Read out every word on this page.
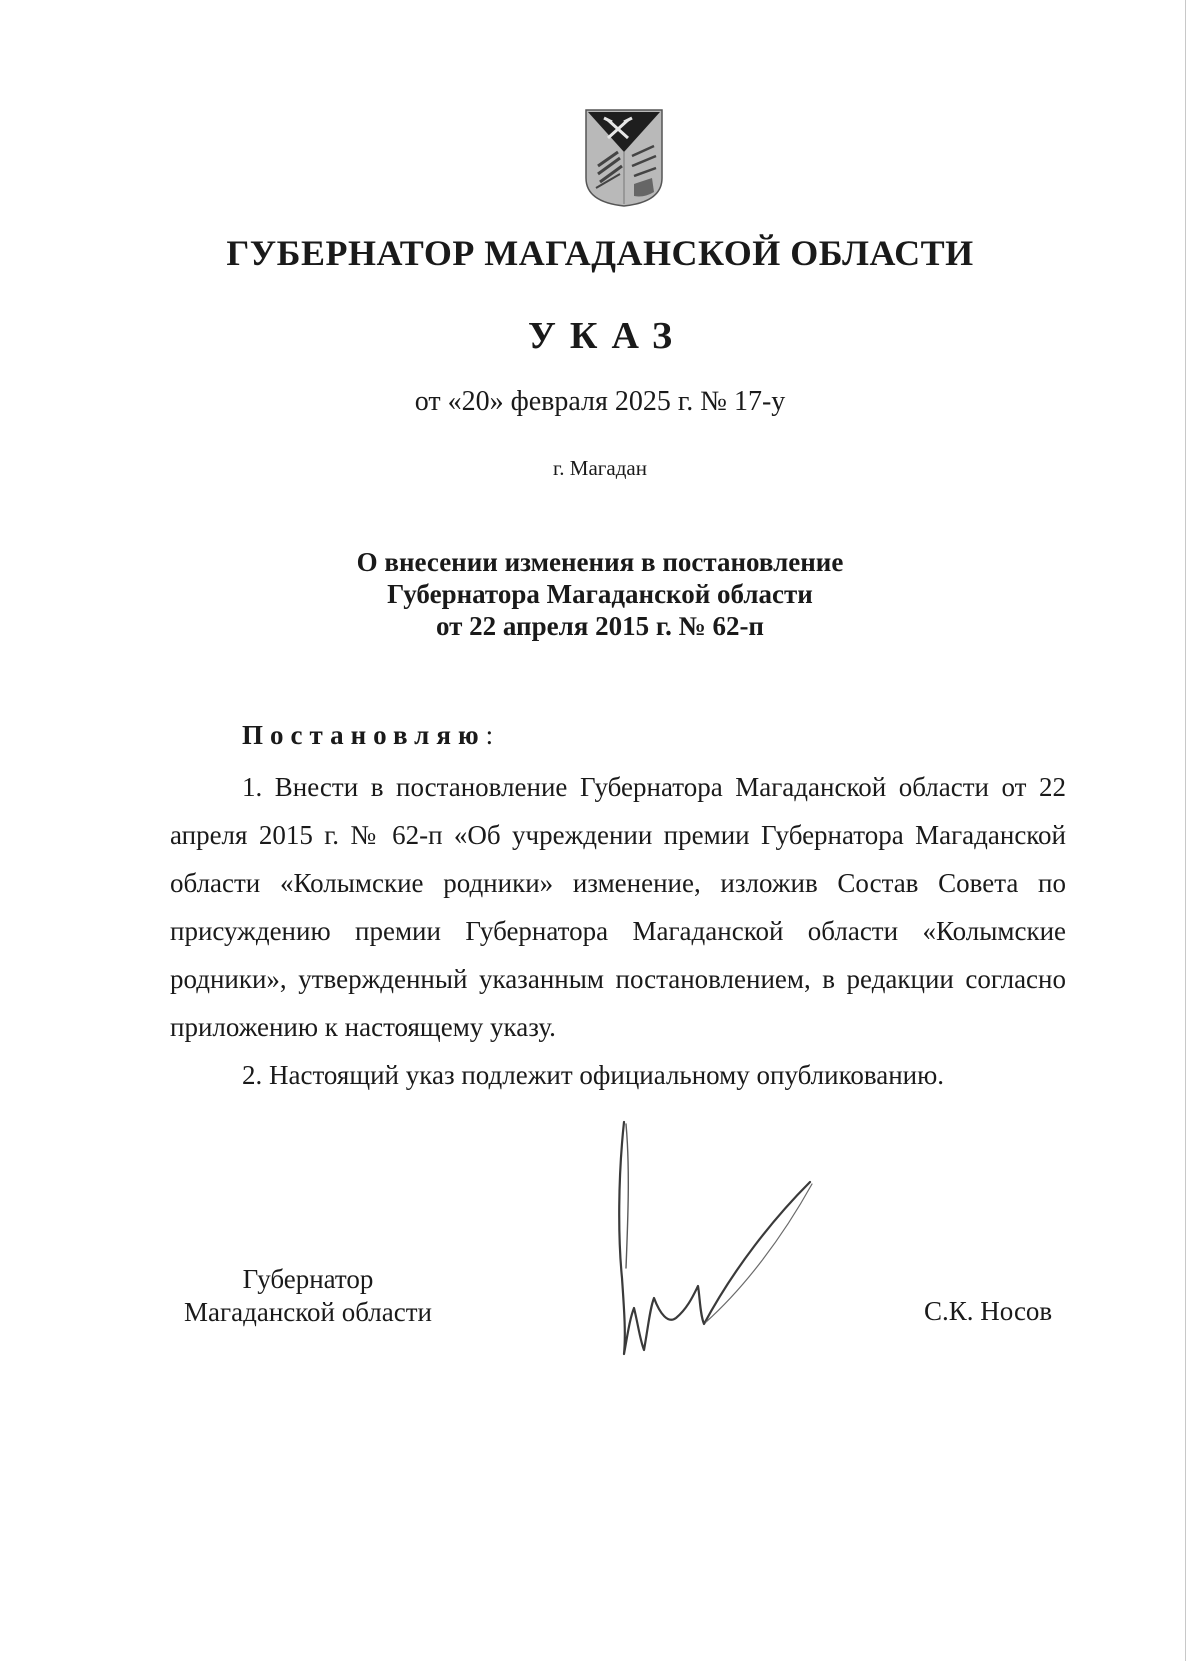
ГУБЕРНАТОР МАГАДАНСКОЙ ОБЛАСТИ
УКАЗ
от «20» февраля 2025 г. № 17-у
г. Магадан
О внесении изменения в постановление
Губернатора Магаданской области
от 22 апреля 2015 г. № 62-п
Постановляю:

1. Внести в постановление Губернатора Магаданской области от 22 апреля 2015 г. № 62-п «Об учреждении премии Губернатора Магаданской области «Колымские родники» изменение, изложив Состав Совета по присуждению премии Губернатора Магаданской области «Колымские родники», утвержденный указанным постановлением, в редакции согласно приложению к настоящему указу.

2. Настоящий указ подлежит официальному опубликованию.

Губернатор
Магаданской области	С.К. Носов
